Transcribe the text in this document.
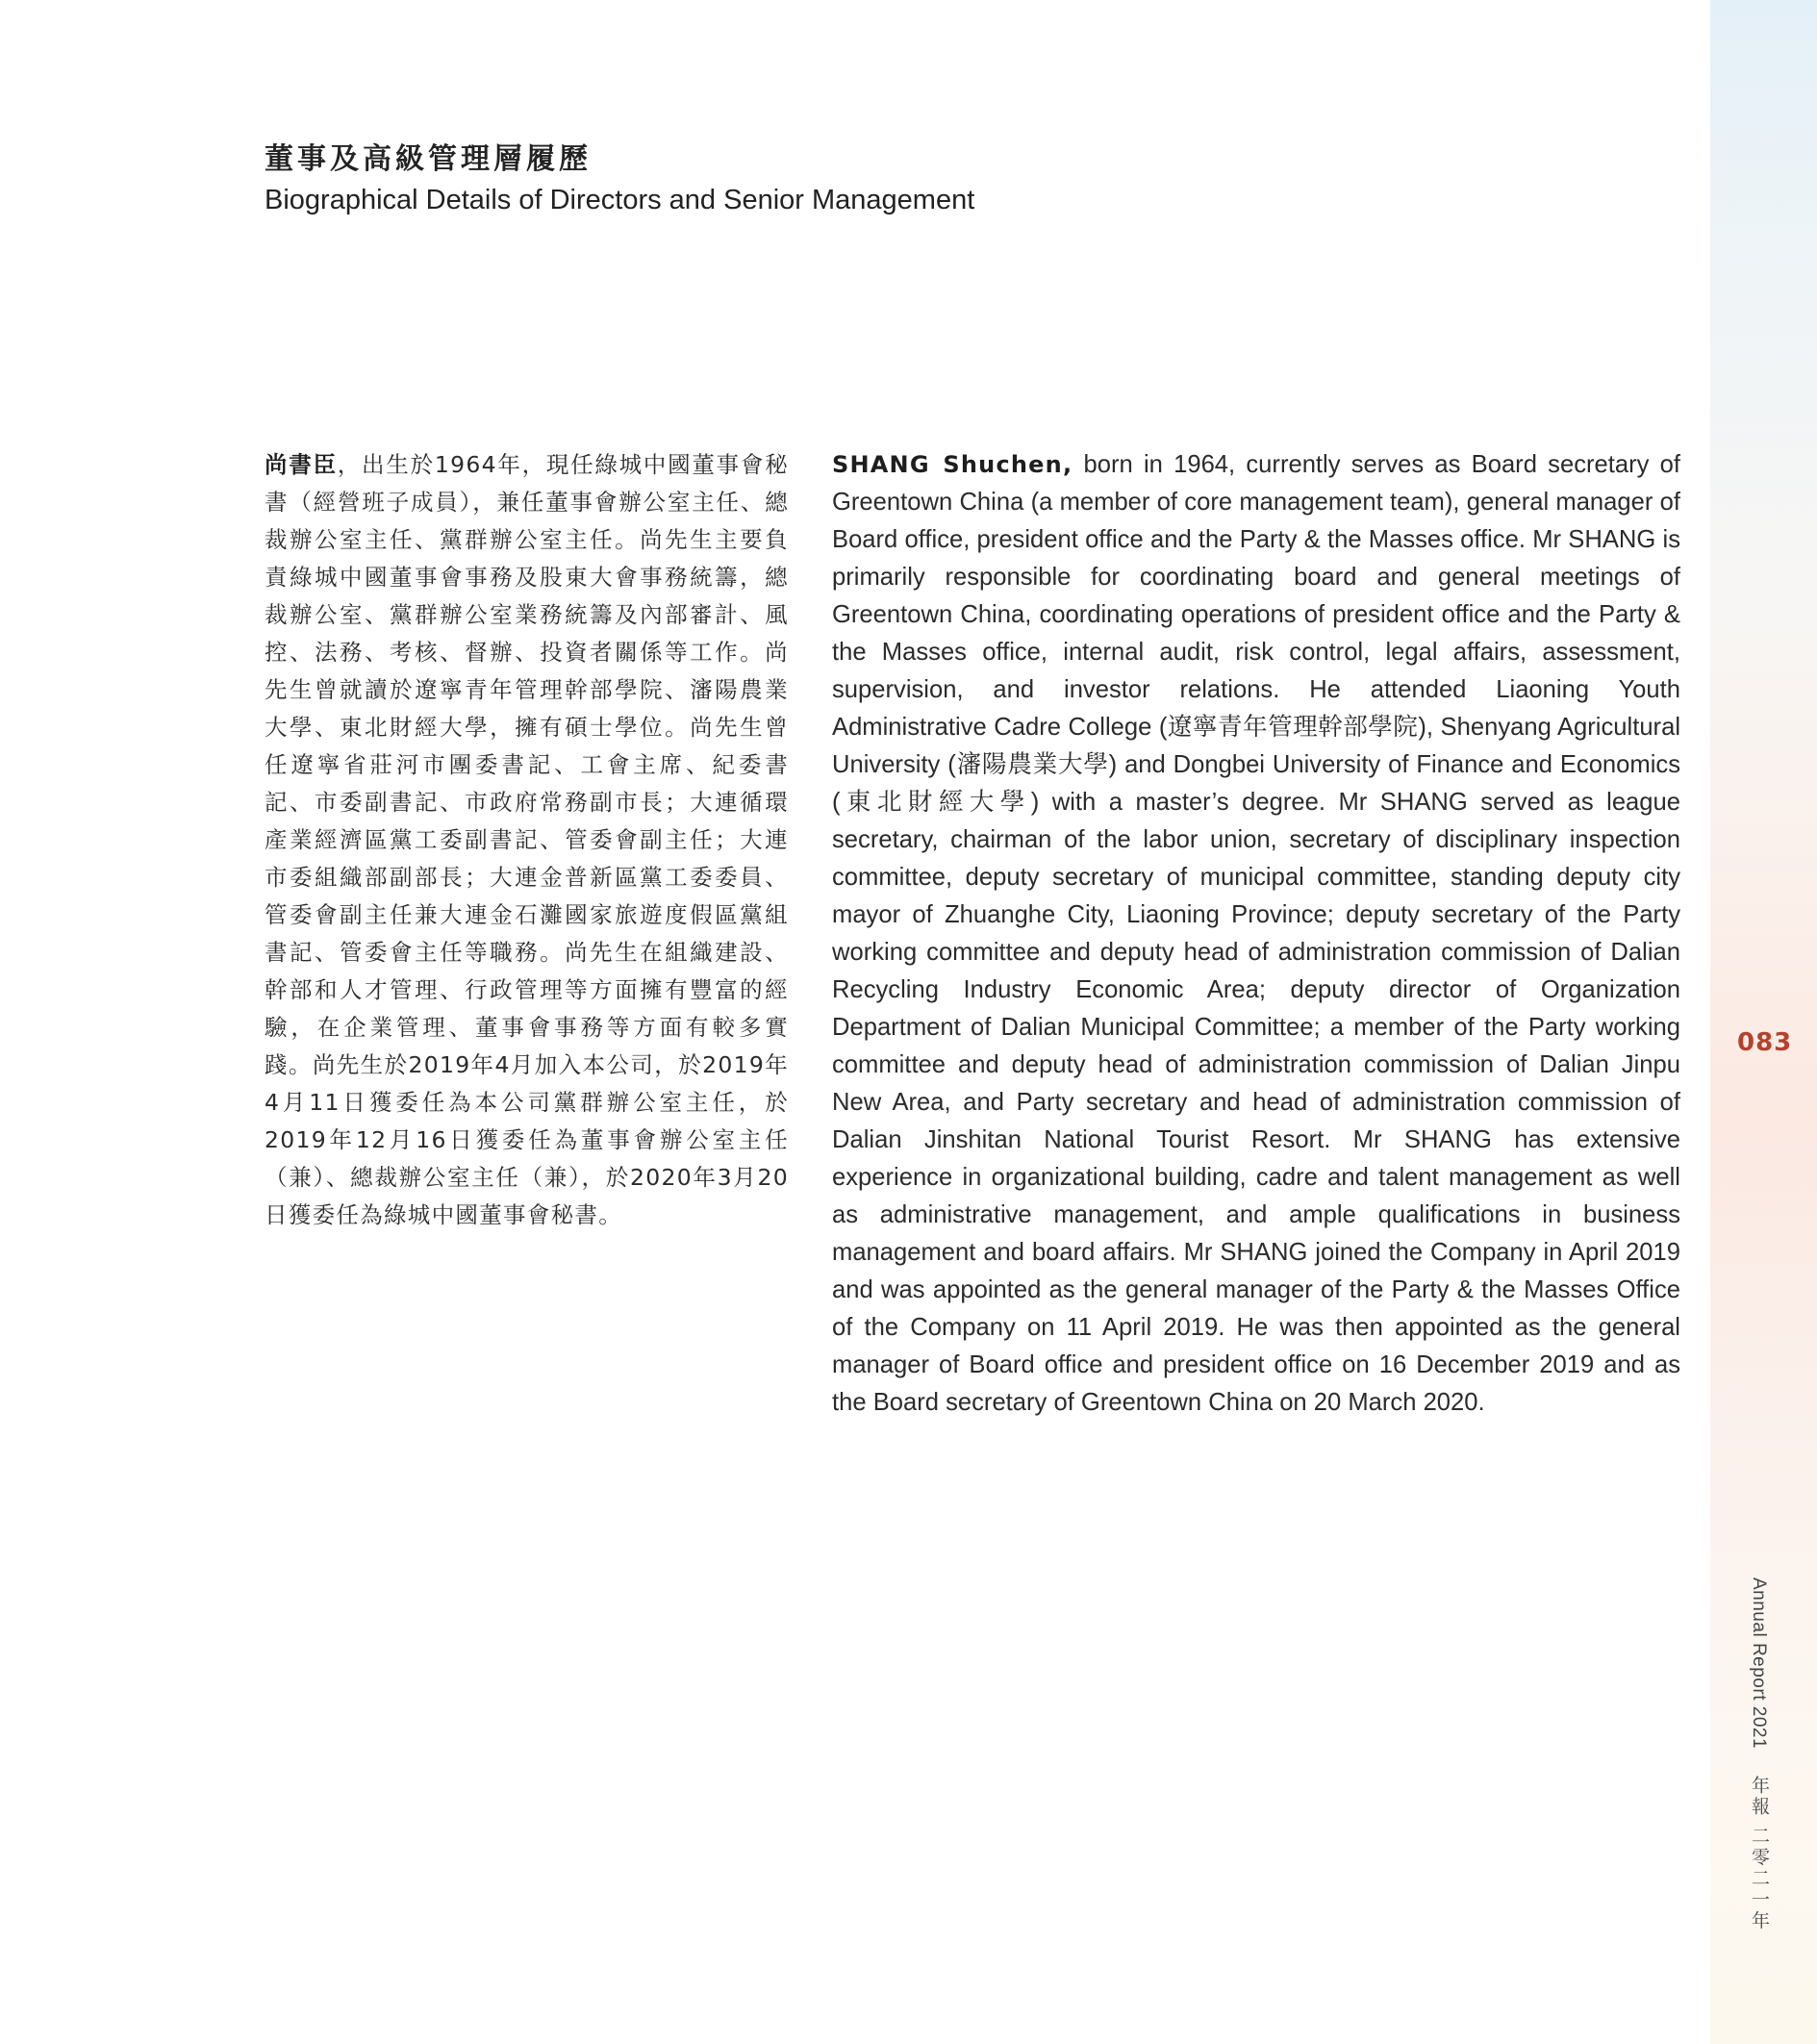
董事及高級管理層履歷
Biographical Details of Directors and Senior Management
尚書臣，出生於1964年，現任綠城中國董事會秘書（經營班子成員），兼任董事會辦公室主任、總裁辦公室主任、黨群辦公室主任。尚先生主要負責綠城中國董事會事務及股東大會事務統籌，總裁辦公室、黨群辦公室業務統籌及內部審計、風控、法務、考核、督辦、投資者關係等工作。尚先生曾就讀於遼寧青年管理幹部學院、瀋陽農業大學、東北財經大學，擁有碩士學位。尚先生曾任遼寧省莊河市團委書記、工會主席、紀委書記、市委副書記、市政府常務副市長；大連循環產業經濟區黨工委副書記、管委會副主任；大連市委組織部副部長；大連金普新區黨工委委員、管委會副主任兼大連金石灘國家旅遊度假區黨組書記、管委會主任等職務。尚先生在組織建設、幹部和人才管理、行政管理等方面擁有豐富的經驗，在企業管理、董事會事務等方面有較多實踐。尚先生於2019年4月加入本公司，於2019年4月11日獲委任為本公司黨群辦公室主任，於2019年12月16日獲委任為董事會辦公室主任（兼）、總裁辦公室主任（兼），於2020年3月20日獲委任為綠城中國董事會秘書。
SHANG Shuchen, born in 1964, currently serves as Board secretary of Greentown China (a member of core management team), general manager of Board office, president office and the Party & the Masses office. Mr SHANG is primarily responsible for coordinating board and general meetings of Greentown China, coordinating operations of president office and the Party & the Masses office, internal audit, risk control, legal affairs, assessment, supervision, and investor relations. He attended Liaoning Youth Administrative Cadre College (遼寧青年管理幹部學院), Shenyang Agricultural University (瀋陽農業大學) and Dongbei University of Finance and Economics (東北財經大學) with a master’s degree. Mr SHANG served as league secretary, chairman of the labor union, secretary of disciplinary inspection committee, deputy secretary of municipal committee, standing deputy city mayor of Zhuanghe City, Liaoning Province; deputy secretary of the Party working committee and deputy head of administration commission of Dalian Recycling Industry Economic Area; deputy director of Organization Department of Dalian Municipal Committee; a member of the Party working committee and deputy head of administration commission of Dalian Jinpu New Area, and Party secretary and head of administration commission of Dalian Jinshitan National Tourist Resort. Mr SHANG has extensive experience in organizational building, cadre and talent management as well as administrative management, and ample qualifications in business management and board affairs. Mr SHANG joined the Company in April 2019 and was appointed as the general manager of the Party & the Masses Office of the Company on 11 April 2019. He was then appointed as the general manager of Board office and president office on 16 December 2019 and as the Board secretary of Greentown China on 20 March 2020.
083
Annual Report 2021 年報 二零二一年
